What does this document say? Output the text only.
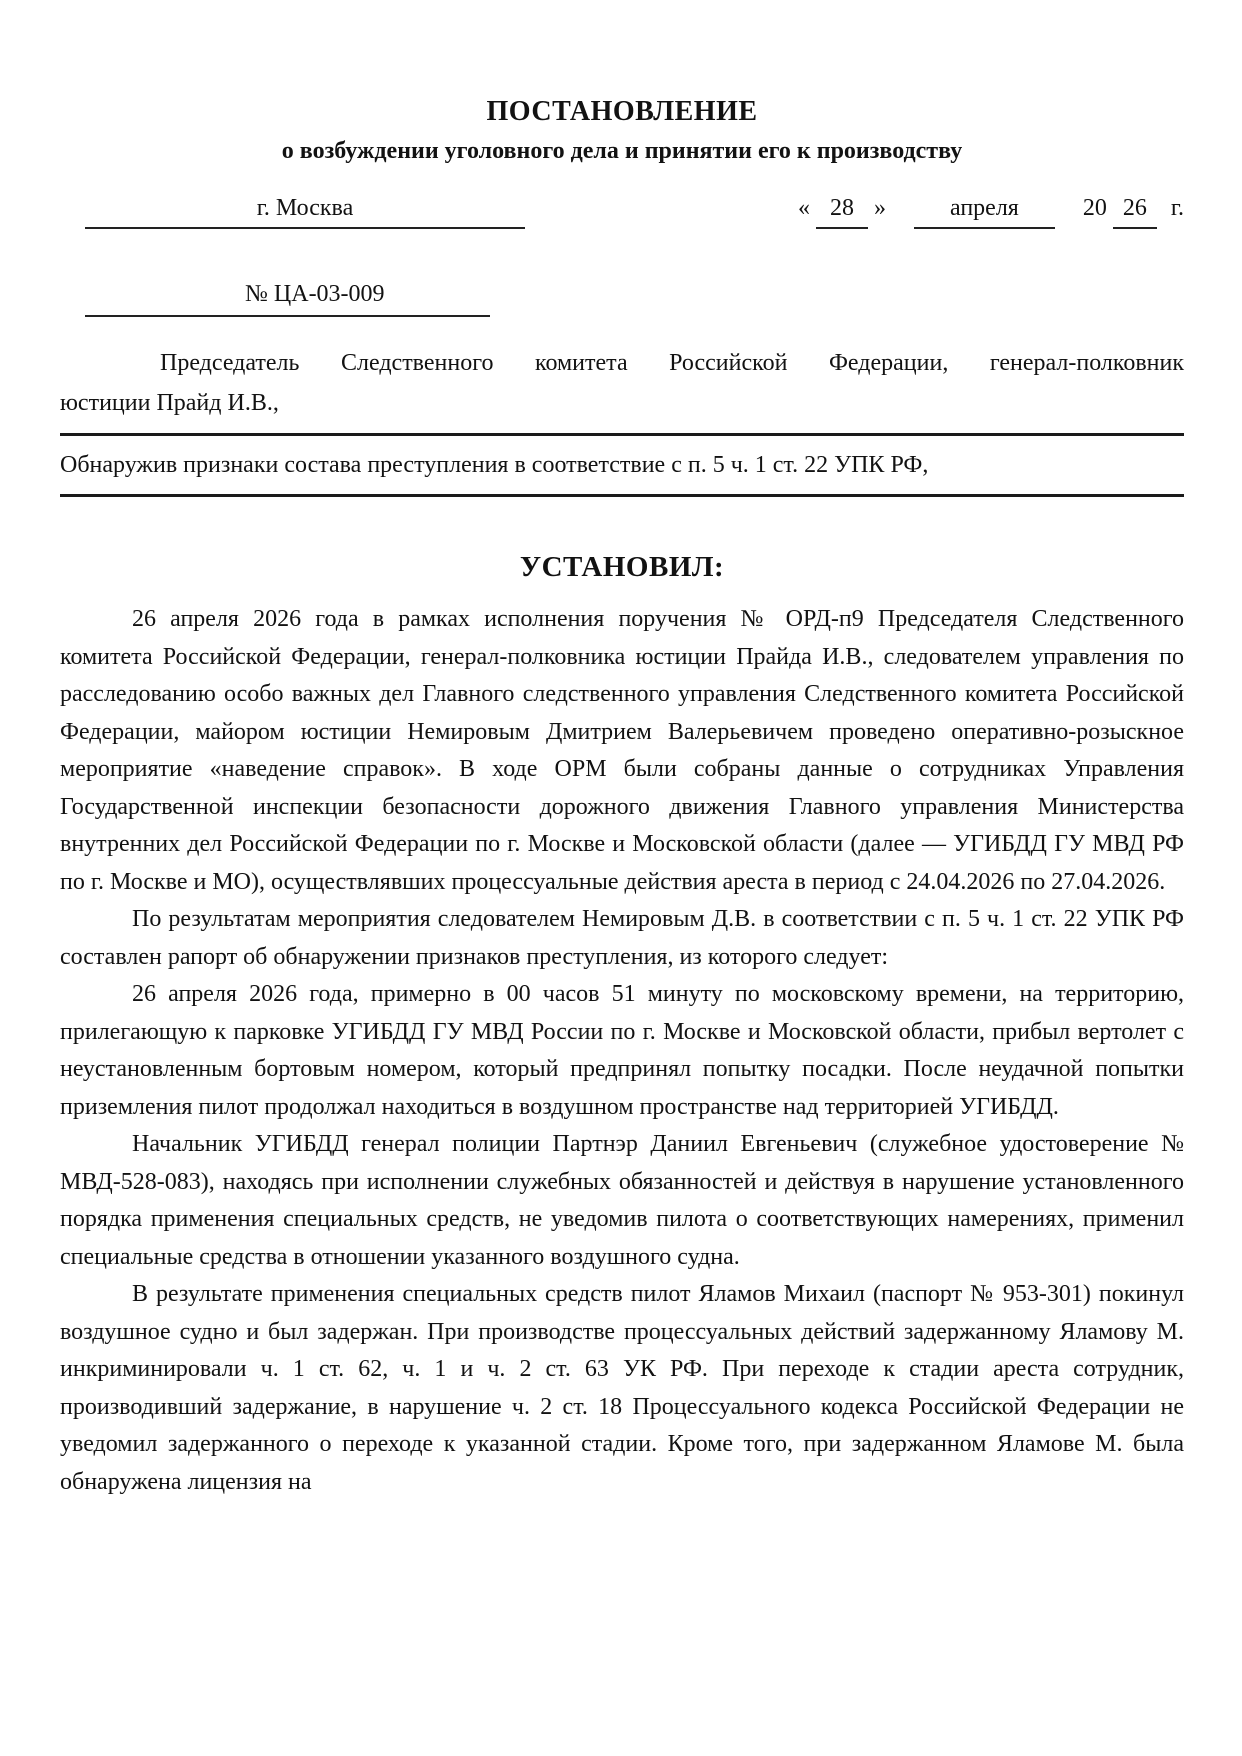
ПОСТАНОВЛЕНИЕ
о возбуждении уголовного дела и принятии его к производству
г. Москва	« 28 »	апреля	20 26 г.
№ ЦА-03-009
Председатель Следственного комитета Российской Федерации, генерал-полковник
юстиции Прайд И.В.,
Обнаружив признаки состава преступления в соответствие с п. 5 ч. 1 ст. 22 УПК РФ,
УСТАНОВИЛ:

26 апреля 2026 года в рамках исполнения поручения № ОРД-п9 Председателя Следственного комитета Российской Федерации, генерал-полковника юстиции Прайда И.В., следователем управления по расследованию особо важных дел Главного следственного управления Следственного комитета Российской Федерации, майором юстиции Немировым Дмитрием Валерьевичем проведено оперативно-розыскное мероприятие «наведение справок». В ходе ОРМ были собраны данные о сотрудниках Управления Государственной инспекции безопасности дорожного движения Главного управления Министерства внутренних дел Российской Федерации по г. Москве и Московской области (далее — УГИБДД ГУ МВД РФ по г. Москве и МО), осуществлявших процессуальные действия ареста в период с 24.04.2026 по 27.04.2026.

По результатам мероприятия следователем Немировым Д.В. в соответствии с п. 5 ч. 1 ст. 22 УПК РФ составлен рапорт об обнаружении признаков преступления, из которого следует:

26 апреля 2026 года, примерно в 00 часов 51 минуту по московскому времени, на территорию, прилегающую к парковке УГИБДД ГУ МВД России по г. Москве и Московской области, прибыл вертолет с неустановленным бортовым номером, который предпринял попытку посадки. После неудачной попытки приземления пилот продолжал находиться в воздушном пространстве над территорией УГИБДД.

Начальник УГИБДД генерал полиции Партнэр Даниил Евгеньевич (служебное удостоверение № МВД-528-083), находясь при исполнении служебных обязанностей и действуя в нарушение установленного порядка применения специальных средств, не уведомив пилота о соответствующих намерениях, применил специальные средства в отношении указанного воздушного судна.

В результате применения специальных средств пилот Яламов Михаил (паспорт № 953-301) покинул воздушное судно и был задержан. При производстве процессуальных действий задержанному Яламову М. инкриминировали ч. 1 ст. 62, ч. 1 и ч. 2 ст. 63 УК РФ. При переходе к стадии ареста сотрудник, производивший задержание, в нарушение ч. 2 ст. 18 Процессуального кодекса Российской Федерации не уведомил задержанного о переходе к указанной стадии. Кроме того, при задержанном Яламове М. была обнаружена лицензия на
